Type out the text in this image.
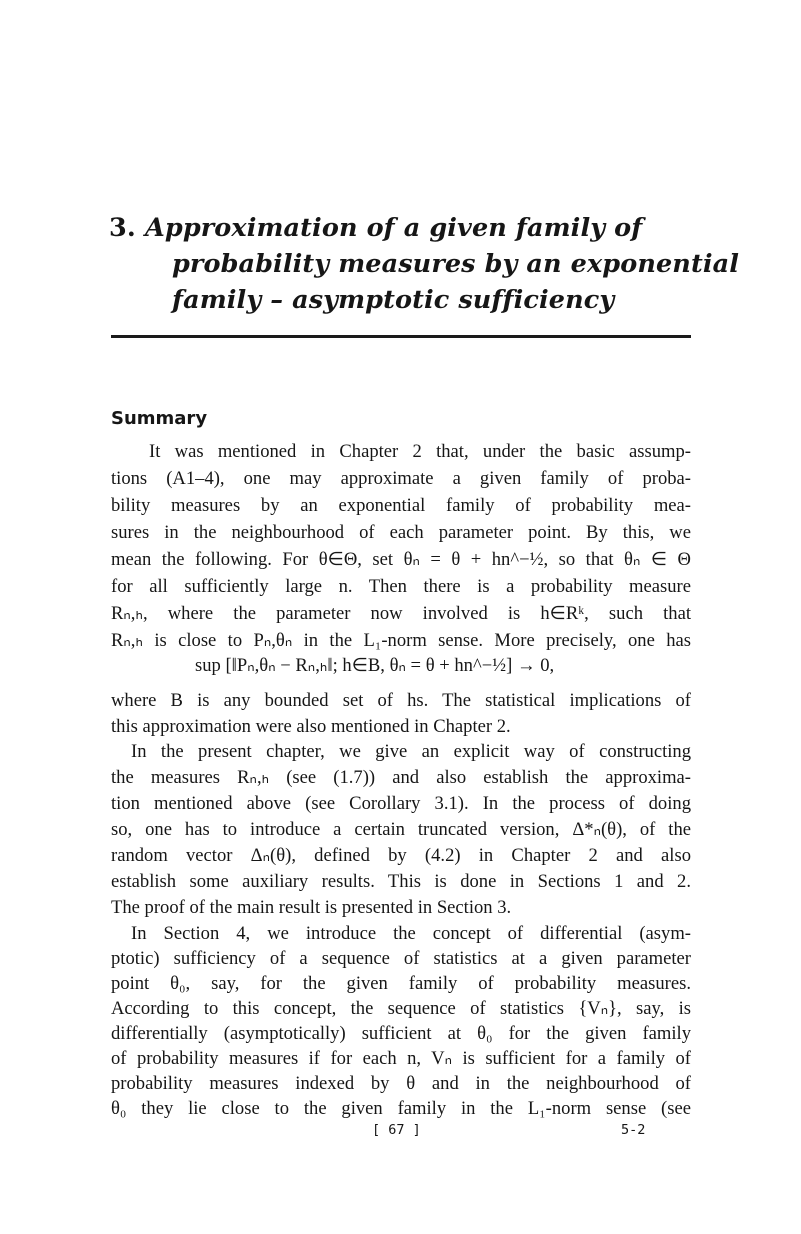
3. Approximation of a given family of
probability measures by an exponential
family – asymptotic sufficiency
Summary
It was mentioned in Chapter 2 that, under the basic assump-
tions (A1–4), one may approximate a given family of proba-
bility measures by an exponential family of probability mea-
sures in the neighbourhood of each parameter point. By this, we
mean the following. For θ∈Θ, set θₙ = θ + hn^−½, so that θₙ ∈ Θ
for all sufficiently large n. Then there is a probability measure
Rₙ,ₕ, where the parameter now involved is h∈Rᵏ, such that
Rₙ,ₕ is close to Pₙ,θₙ in the L₁-norm sense. More precisely, one has
sup [‖Pₙ,θₙ − Rₙ,ₕ‖; h∈B, θₙ = θ + hn^−½] → 0,
where B is any bounded set of hs. The statistical implications of
this approximation were also mentioned in Chapter 2.
In the present chapter, we give an explicit way of constructing
the measures Rₙ,ₕ (see (1.7)) and also establish the approxima-
tion mentioned above (see Corollary 3.1). In the process of doing
so, one has to introduce a certain truncated version, Δ*ₙ(θ), of the
random vector Δₙ(θ), defined by (4.2) in Chapter 2 and also
establish some auxiliary results. This is done in Sections 1 and 2.
The proof of the main result is presented in Section 3.
In Section 4, we introduce the concept of differential (asym-
ptotic) sufficiency of a sequence of statistics at a given parameter
point θ₀, say, for the given family of probability measures.
According to this concept, the sequence of statistics {Vₙ}, say, is
differentially (asymptotically) sufficient at θ₀ for the given family
of probability measures if for each n, Vₙ is sufficient for a family of
probability measures indexed by θ and in the neighbourhood of
θ₀ they lie close to the given family in the L₁-norm sense (see
[ 67 ]	5-2
